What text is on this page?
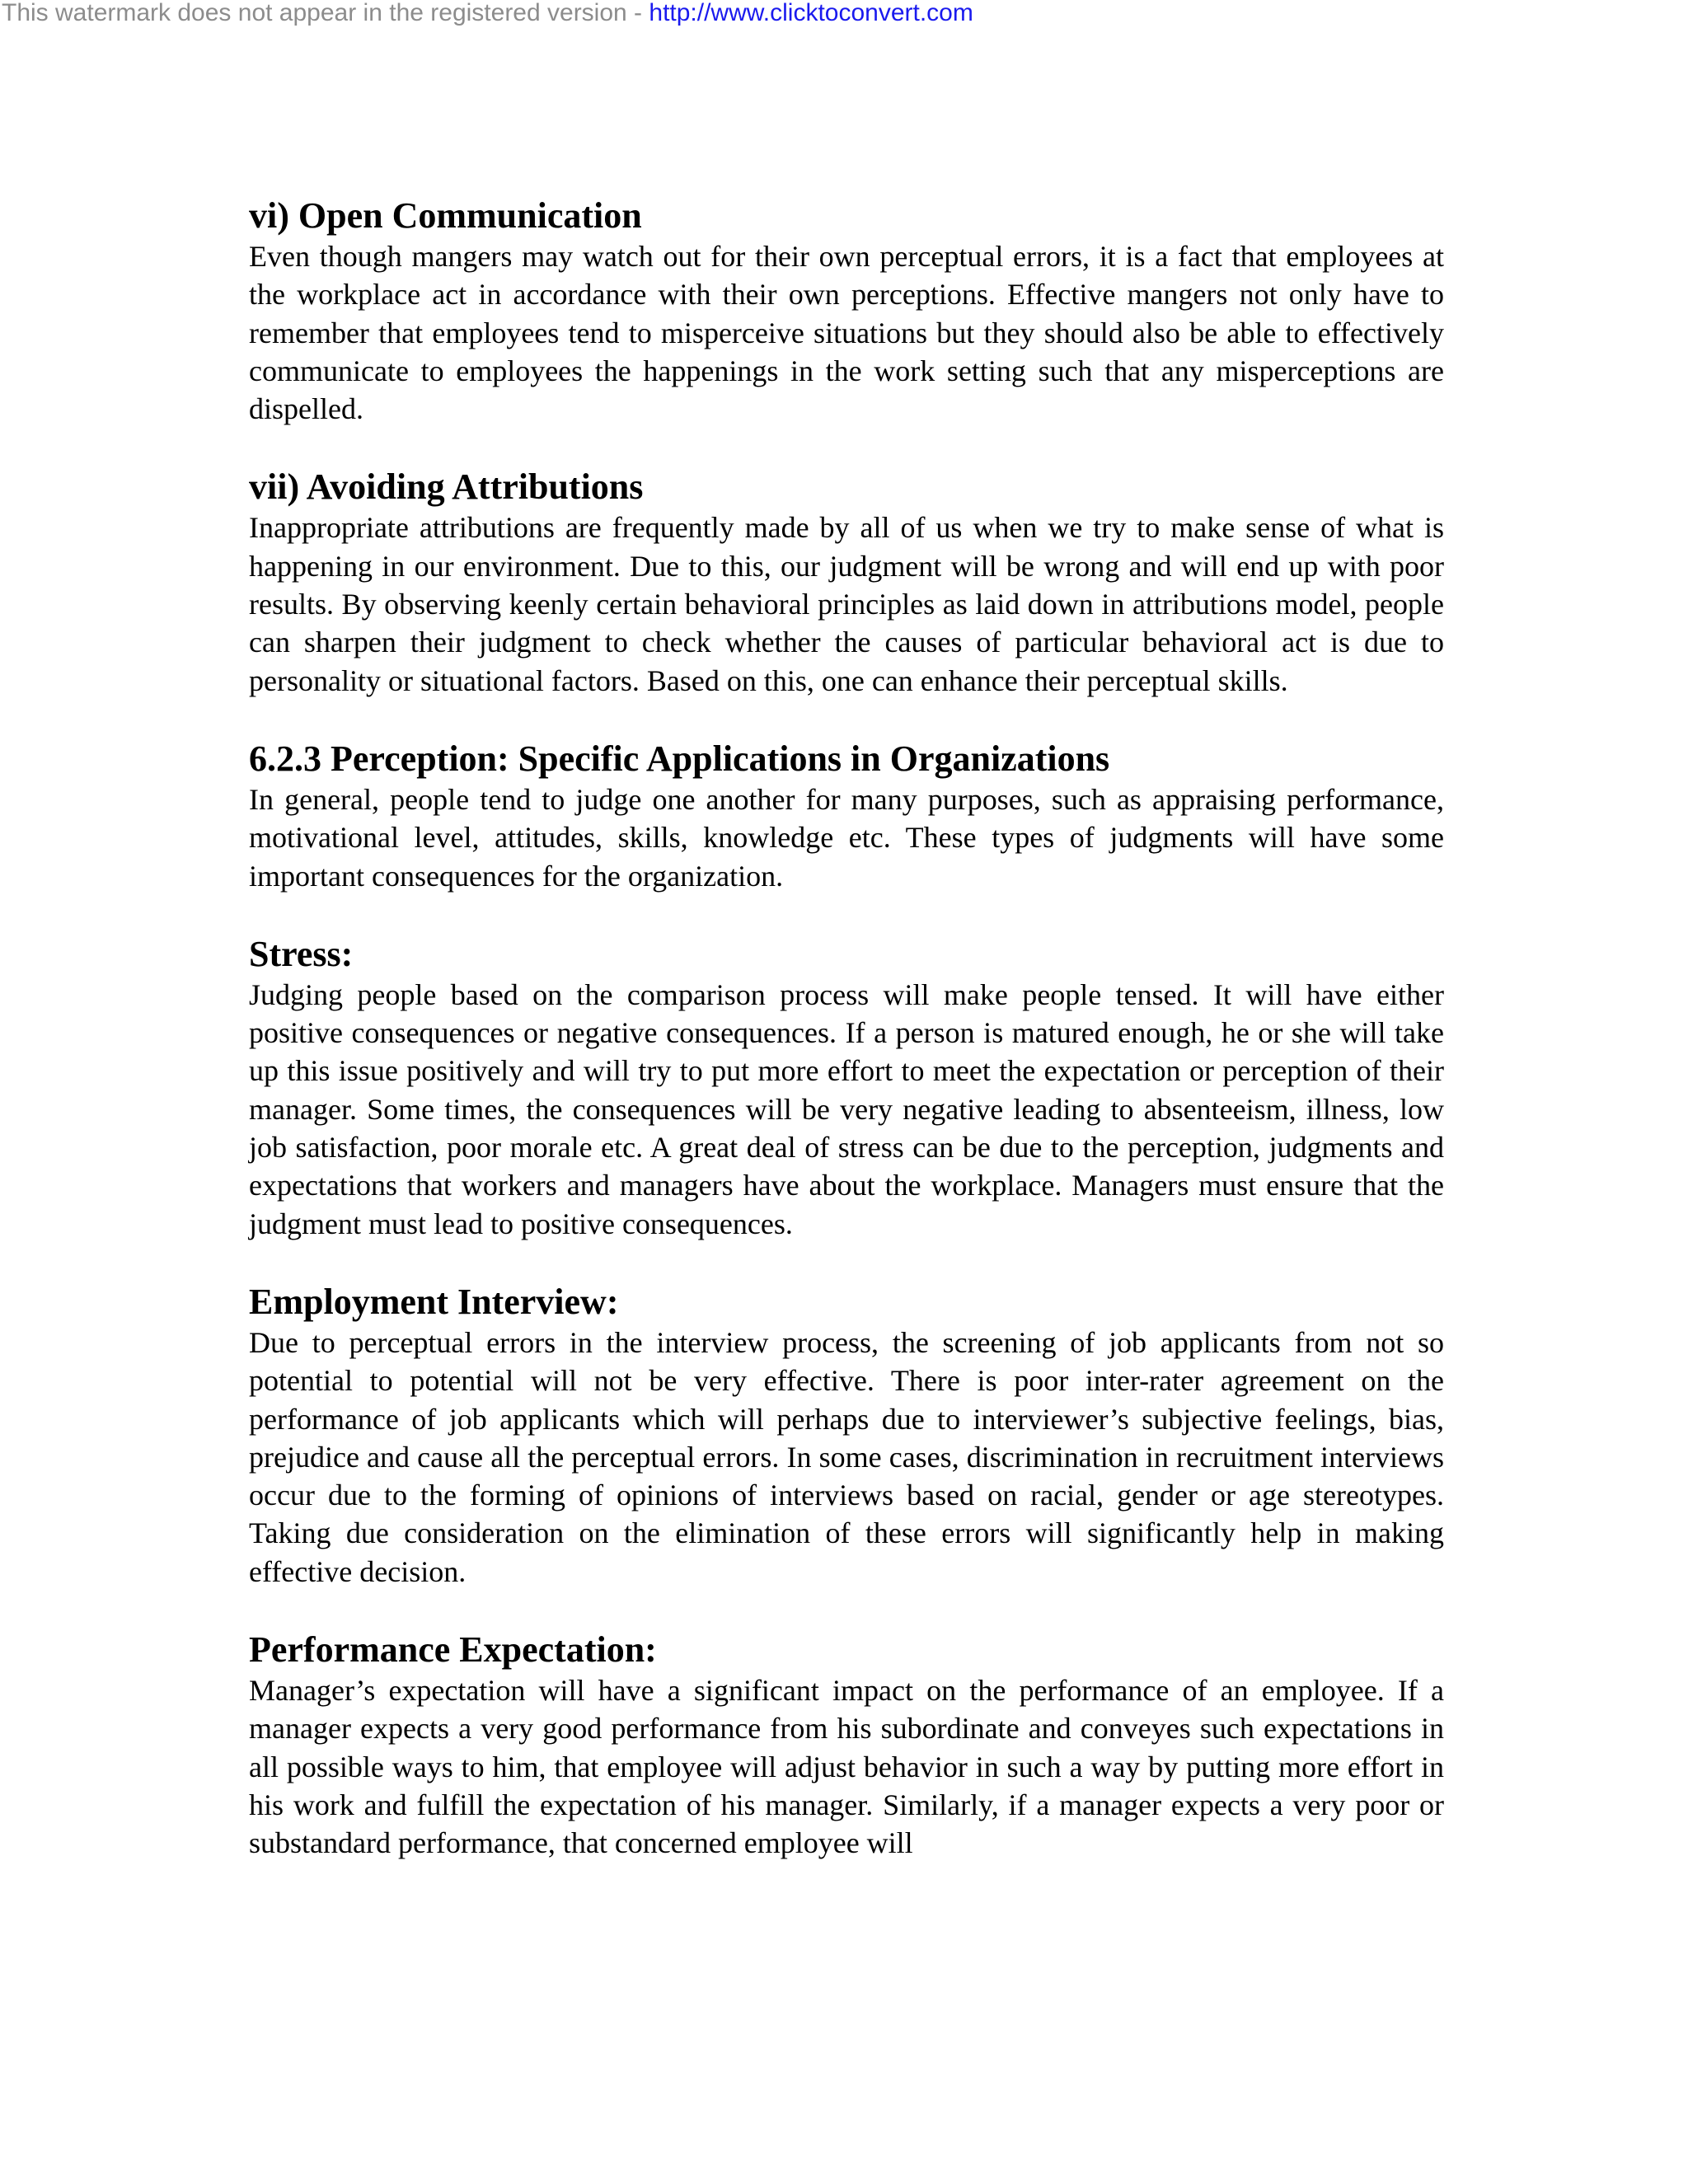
This watermark does not appear in the registered version - http://www.clicktoconvert.com
vi) Open Communication

Even though mangers may watch out for their own perceptual errors, it is a fact that employees at the workplace act in accordance with their own perceptions. Effective mangers not only have to remember that employees tend to misperceive situations but they should also be able to effectively communicate to employees the happenings in the work setting such that any misperceptions are dispelled.

vii) Avoiding Attributions

Inappropriate attributions are frequently made by all of us when we try to make sense of what is happening in our environment. Due to this, our judgment will be wrong and will end up with poor results. By observing keenly certain behavioral principles as laid down in attributions model, people can sharpen their judgment to check whether the causes of particular behavioral act is due to personality or situational factors. Based on this, one can enhance their perceptual skills.

6.2.3 Perception: Specific Applications in Organizations

In general, people tend to judge one another for many purposes, such as appraising performance, motivational level, attitudes, skills, knowledge etc. These types of judgments will have some important consequences for the organization.

Stress:

Judging people based on the comparison process will make people tensed. It will have either positive consequences or negative consequences. If a person is matured enough, he or she will take up this issue positively and will try to put more effort to meet the expectation or perception of their manager. Some times, the consequences will be very negative leading to absenteeism, illness, low job satisfaction, poor morale etc. A great deal of stress can be due to the perception, judgments and expectations that workers and managers have about the workplace. Managers must ensure that the judgment must lead to positive consequences.

Employment Interview:

Due to perceptual errors in the interview process, the screening of job applicants from not so potential to potential will not be very effective. There is poor inter-rater agreement on the performance of job applicants which will perhaps due to interviewer’s subjective feelings, bias, prejudice and cause all the perceptual errors. In some cases, discrimination in recruitment interviews occur due to the forming of opinions of interviews based on racial, gender or age stereotypes. Taking due consideration on the elimination of these errors will significantly help in making effective decision.

Performance Expectation:

Manager’s expectation will have a significant impact on the performance of an employee. If a manager expects a very good performance from his subordinate and conveyes such expectations in all possible ways to him, that employee will adjust behavior in such a way by putting more effort in his work and fulfill the expectation of his manager. Similarly, if a manager expects a very poor or substandard performance, that concerned employee will
